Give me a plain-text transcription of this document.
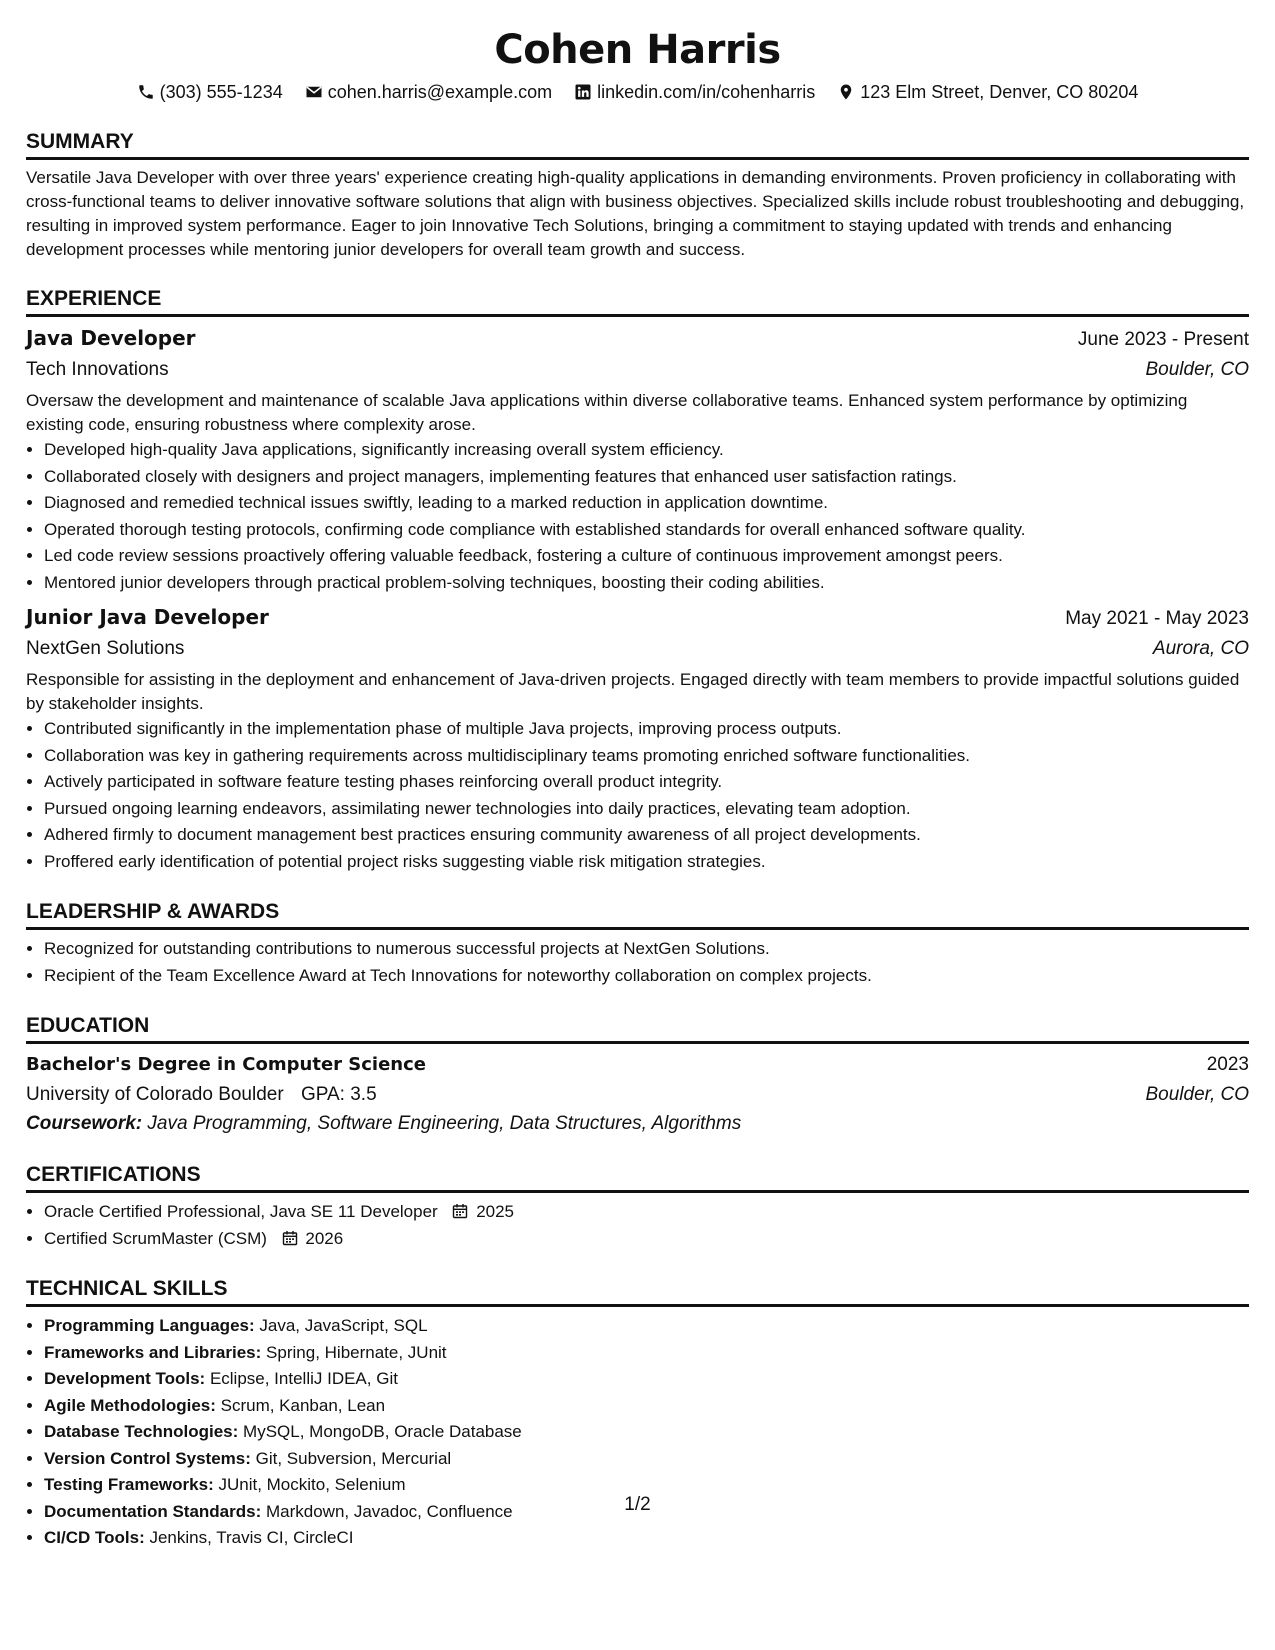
Cohen Harris
(303) 555-1234	cohen.harris@example.com	linkedin.com/in/cohenharris	123 Elm Street, Denver, CO 80204
SUMMARY

Versatile Java Developer with over three years' experience creating high-quality applications in demanding environments. Proven proficiency in collaborating with cross-functional teams to deliver innovative software solutions that align with business objectives. Specialized skills include robust troubleshooting and debugging, resulting in improved system performance. Eager to join Innovative Tech Solutions, bringing a commitment to staying updated with trends and enhancing development processes while mentoring junior developers for overall team growth and success.

EXPERIENCE
Java Developer	June 2023 - Present
Tech Innovations	Boulder, CO

Oversaw the development and maintenance of scalable Java applications within diverse collaborative teams. Enhanced system performance by optimizing existing code, ensuring robustness where complexity arose.

• Developed high-quality Java applications, significantly increasing overall system efficiency.
• Collaborated closely with designers and project managers, implementing features that enhanced user satisfaction ratings.
• Diagnosed and remedied technical issues swiftly, leading to a marked reduction in application downtime.
• Operated thorough testing protocols, confirming code compliance with established standards for overall enhanced software quality.
• Led code review sessions proactively offering valuable feedback, fostering a culture of continuous improvement amongst peers.
• Mentored junior developers through practical problem-solving techniques, boosting their coding abilities.
Junior Java Developer	May 2021 - May 2023
NextGen Solutions	Aurora, CO

Responsible for assisting in the deployment and enhancement of Java-driven projects. Engaged directly with team members to provide impactful solutions guided by stakeholder insights.

• Contributed significantly in the implementation phase of multiple Java projects, improving process outputs.
• Collaboration was key in gathering requirements across multidisciplinary teams promoting enriched software functionalities.
• Actively participated in software feature testing phases reinforcing overall product integrity.
• Pursued ongoing learning endeavors, assimilating newer technologies into daily practices, elevating team adoption.
• Adhered firmly to document management best practices ensuring community awareness of all project developments.
• Proffered early identification of potential project risks suggesting viable risk mitigation strategies.
LEADERSHIP & AWARDS
• Recognized for outstanding contributions to numerous successful projects at NextGen Solutions.
• Recipient of the Team Excellence Award at Tech Innovations for noteworthy collaboration on complex projects.
EDUCATION
Bachelor's Degree in Computer Science	2023
University of Colorado Boulder GPA: 3.5	Boulder, CO
Coursework: Java Programming, Software Engineering, Data Structures, Algorithms
CERTIFICATIONS
• Oracle Certified Professional, Java SE 11 Developer 2025
• Certified ScrumMaster (CSM) 2026
TECHNICAL SKILLS
• Programming Languages: Java, JavaScript, SQL
• Frameworks and Libraries: Spring, Hibernate, JUnit
• Development Tools: Eclipse, IntelliJ IDEA, Git
• Agile Methodologies: Scrum, Kanban, Lean
• Database Technologies: MySQL, MongoDB, Oracle Database
• Version Control Systems: Git, Subversion, Mercurial
• Testing Frameworks: JUnit, Mockito, Selenium
• Documentation Standards: Markdown, Javadoc, Confluence
• CI/CD Tools: Jenkins, Travis CI, CircleCI
1/2
